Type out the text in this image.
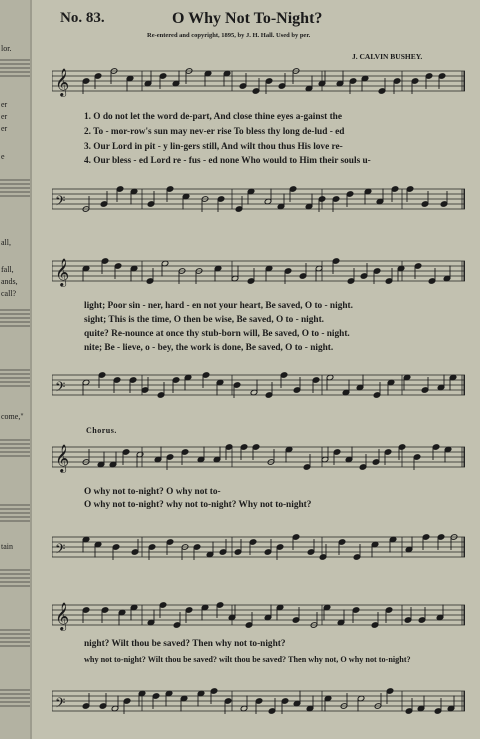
lor.
er
er
er
e
all,
fall,
ands,
call?
come,"
tain
No. 83.	O Why Not To-Night?
Re-entered and copyright, 1895, by J. H. Hall. Used by per.
J. CALVIN BUSHEY.
𝄞
1. O do not let the word de-part, And close thine eyes a-gainst the
2. To - mor-row's sun may nev-er rise To bless thy long de-lud - ed
3. Our Lord in pit - y lin-gers still, And wilt thou thus His love re-
4. Our bless - ed Lord re - fus - ed none Who would to Him their souls u-
𝄢
𝄞
light; Poor sin - ner, hard - en not your heart, Be saved, O to - night.
sight; This is the time, O then be wise, Be saved, O to - night.
quite? Re-nounce at once thy stub-born will, Be saved, O to - night.
nite; Be - lieve, o - bey, the work is done, Be saved, O to - night.
𝄢
Chorus.
𝄞
O why not to-night? O why not to-
O why not to-night? why not to-night? Why not to-night?
𝄢
𝄞
night? Wilt thou be saved? Then why not to-night?
why not to-night? Wilt thou be saved? wilt thou be saved? Then why not, O why not to-night?
𝄢
